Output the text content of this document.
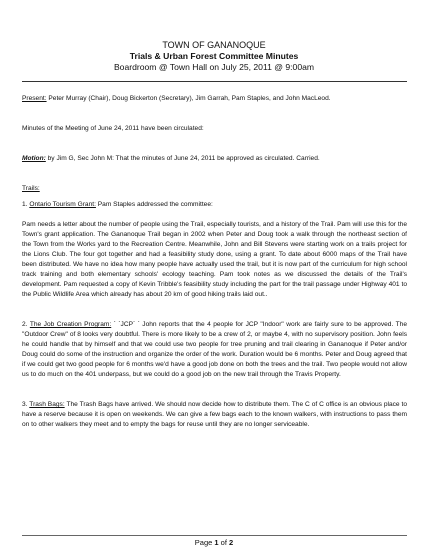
TOWN OF GANANOQUE
Trials & Urban Forest Committee Minutes
Boardroom @ Town Hall on July 25, 2011 @ 9:00am

Present: Peter Murray (Chair), Doug Bickerton (Secretary), Jim Garrah, Pam Staples, and John MacLeod.

Minutes of the Meeting of June 24, 2011 have been circulated:

Motion: by Jim G, Sec John M: That the minutes of June 24, 2011 be approved as circulated. Carried.

Trails:

1. Ontario Tourism Grant: Pam Staples addressed the committee:

Pam needs a letter about the number of people using the Trail, especially tourists, and a history of the Trail. Pam will use this for the Town's grant application. The Gananoque Trail began in 2002 when Peter and Doug took a walk through the northeast section of the Town from the Works yard to the Recreation Centre. Meanwhile, John and Bill Stevens were starting work on a trails project for the Lions Club. The four got together and had a feasibility study done, using a grant. To date about 6000 maps of the Trail have been distributed. We have no idea how many people have actually used the trail, but it is now part of the curriculum for high school track training and both elementary schools' ecology teaching. Pam took notes as we discussed the details of the Trail's development. Pam requested a copy of Kevin Tribble's feasibility study including the part for the trail passage under Highway 401 to the Public Wildlife Area which already has about 20 km of good hiking trails laid out..

2. The Job Creation Program: ` `JCP` ` John reports that the 4 people for JCP "Indoor" work are fairly sure to be approved. The "Outdoor Crew" of 8 looks very doubtful. There is more likely to be a crew of 2, or maybe 4, with no supervisory position. John feels he could handle that by himself and that we could use two people for tree pruning and trail clearing in Gananoque if Peter and/or Doug could do some of the instruction and organize the order of the work. Duration would be 6 months. Peter and Doug agreed that if we could get two good people for 6 months we'd have a good job done on both the trees and the trail. Two people would not allow us to do much on the 401 underpass, but we could do a good job on the new trail through the Travis Property.

3. Trash Bags: The Trash Bags have arrived. We should now decide how to distribute them. The C of C office is an obvious place to have a reserve because it is open on weekends. We can give a few bags each to the known walkers, with instructions to pass them on to other walkers they meet and to empty the bags for reuse until they are no longer serviceable.

Page 1 of 2
